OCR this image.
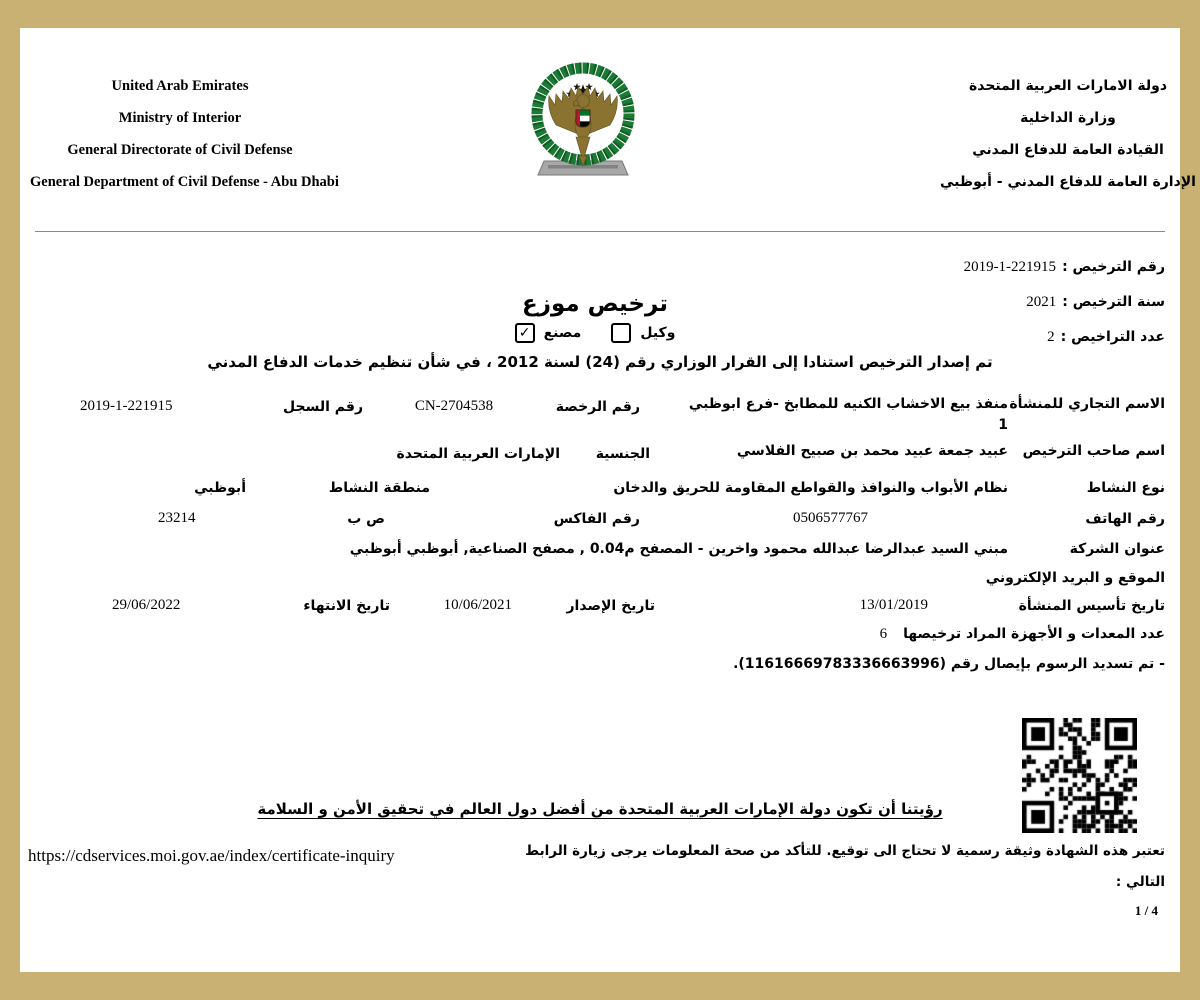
United Arab Emirates
Ministry of Interior
General Directorate of Civil Defense
General Department of Civil Defense - Abu Dhabi
دولة الامارات العربية المتحدة
وزارة الداخلية
القيادة العامة للدفاع المدني
الإدارة العامة للدفاع المدني - أبوظبي
رقم الترخيص :
2019-1-221915
سنة الترخيص :
2021
عدد التراخيص :
2
ترخيص موزع
وكيل
مصنع
✓
تم إصدار الترخيص استنادا إلى القرار الوزاري رقم (24) لسنة 2012 ، في شأن تنظيم خدمات الدفاع المدني
الاسم التجاري للمنشأة
منفذ بيع الاخشاب الكنيه للمطابخ -فرع ابوظبي 1
رقم الرخصة
CN-2704538
رقم السجل
2019-1-221915
اسم صاحب الترخيص
عبيد جمعة عبيد محمد بن صبيح الفلاسي
الجنسية
الإمارات العربية المتحدة
نوع النشاط
نظام الأبواب والنوافذ والقواطع المقاومة للحريق والدخان
منطقة النشاط
أبوظبي
رقم الهاتف
0506577767
رقم الفاكس
ص ب
23214
عنوان الشركة
مبني السيد عبدالرضا عبدالله محمود واخرين - المصفح م0.04 , مصفح الصناعية, أبوظبي أبوظبي
الموقع و البريد الإلكتروني
تاريخ تأسيس المنشأة
13/01/2019
تاريخ الإصدار
10/06/2021
تاريخ الانتهاء
29/06/2022
عدد المعدات و الأجهزة المراد ترخيصها
6
- تم تسديد الرسوم بإيصال رقم (11616669783336663996).
رؤيتنا أن تكون دولة الإمارات العربية المتحدة من أفضل دول العالم في تحقيق الأمن و السلامة
تعتبر هذه الشهادة وثيقة رسمية لا تحتاج الى توقيع. للتأكد من صحة المعلومات يرجى زيارة الرابط التالي :
https://cdservices.moi.gov.ae/index/certificate-inquiry
1 / 4
